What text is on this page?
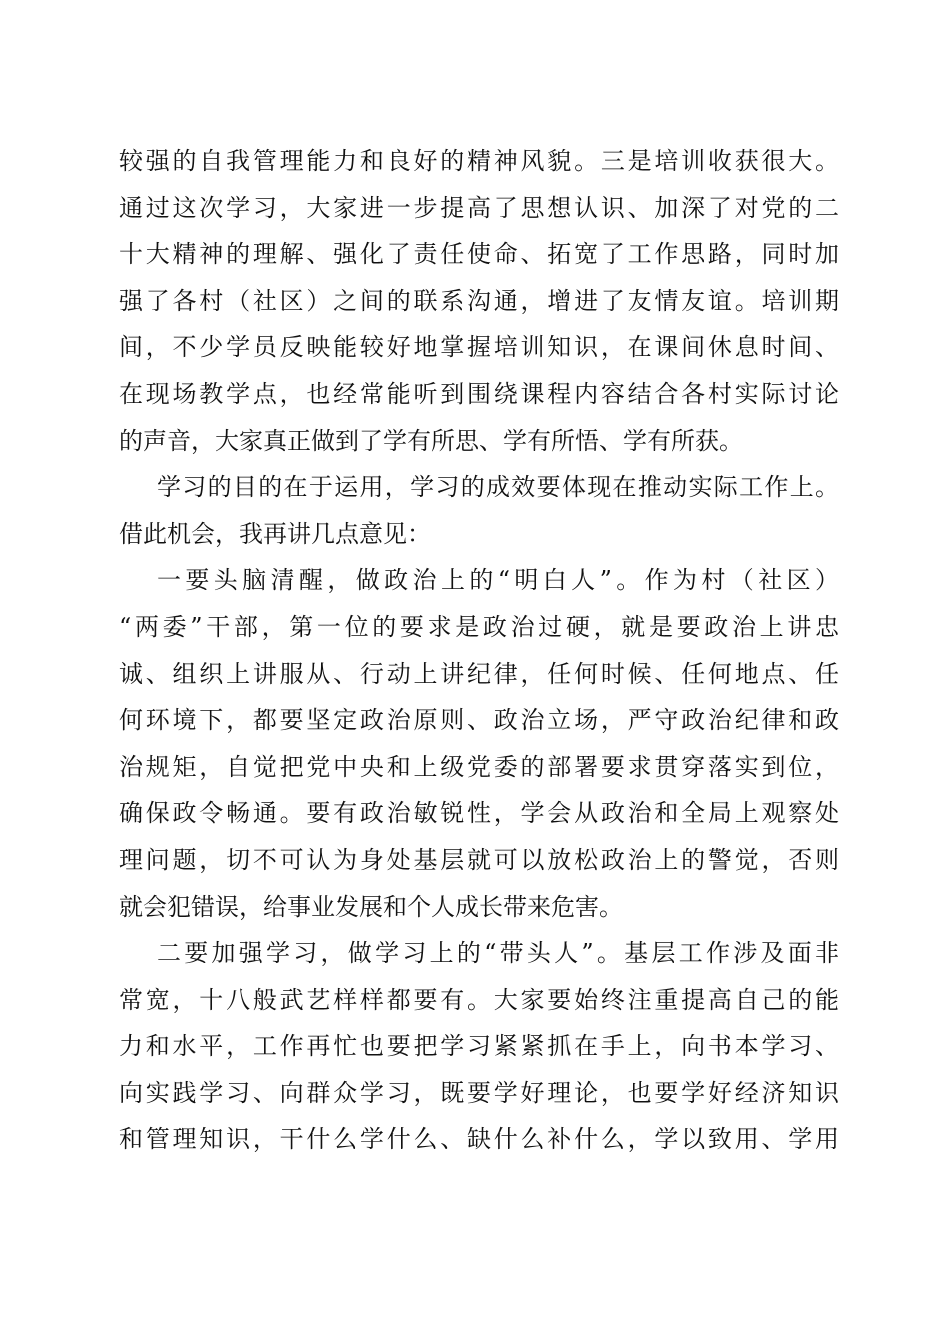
较强的自我管理能力和良好的精神风貌。三是培训收获很大。
通过这次学习，大家进一步提高了思想认识、加深了对党的二
十大精神的理解、强化了责任使命、拓宽了工作思路，同时加
强了各村（社区）之间的联系沟通，增进了友情友谊。培训期
间，不少学员反映能较好地掌握培训知识，在课间休息时间、
在现场教学点，也经常能听到围绕课程内容结合各村实际讨论
的声音，大家真正做到了学有所思、学有所悟、学有所获。
学习的目的在于运用，学习的成效要体现在推动实际工作上。
借此机会，我再讲几点意见：
一要头脑清醒，做政治上的“明白人”。作为村（社区）
“两委”干部，第一位的要求是政治过硬，就是要政治上讲忠
诚、组织上讲服从、行动上讲纪律，任何时候、任何地点、任
何环境下，都要坚定政治原则、政治立场，严守政治纪律和政
治规矩，自觉把党中央和上级党委的部署要求贯穿落实到位，
确保政令畅通。要有政治敏锐性，学会从政治和全局上观察处
理问题，切不可认为身处基层就可以放松政治上的警觉，否则
就会犯错误，给事业发展和个人成长带来危害。
二要加强学习，做学习上的“带头人”。基层工作涉及面非
常宽，十八般武艺样样都要有。大家要始终注重提高自己的能
力和水平，工作再忙也要把学习紧紧抓在手上，向书本学习、
向实践学习、向群众学习，既要学好理论，也要学好经济知识
和管理知识，干什么学什么、缺什么补什么，学以致用、学用
